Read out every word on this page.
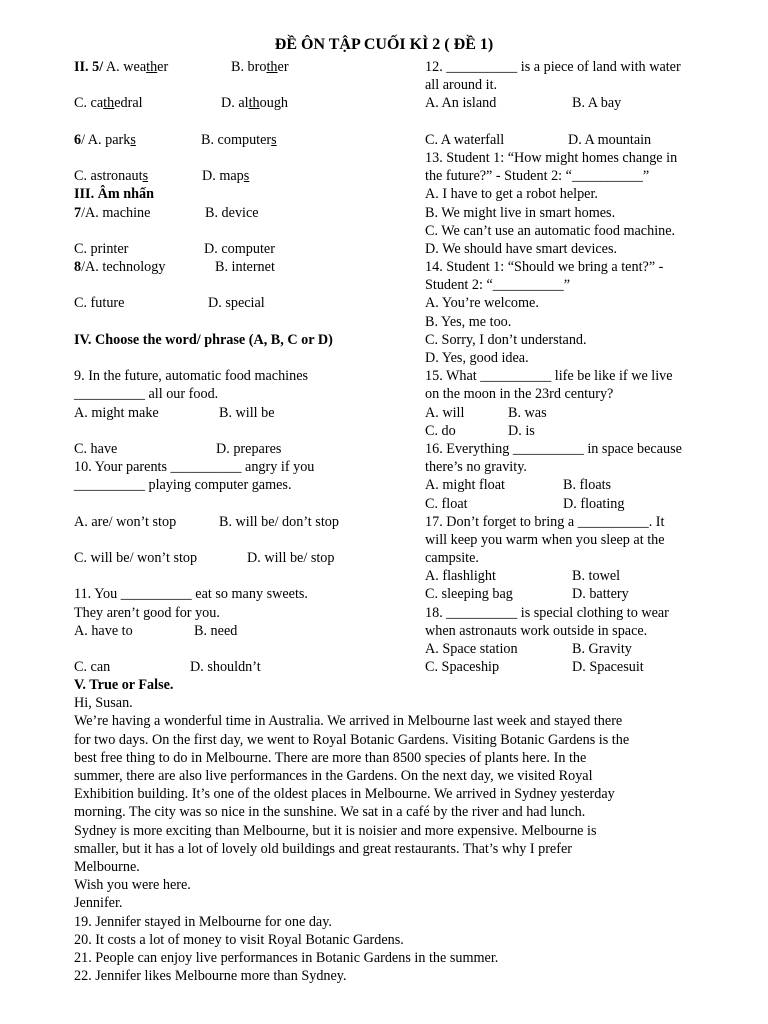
ĐỀ ÔN TẬP CUỐI KÌ 2 ( ĐỀ 1)
II. 5/ A. weather	B. brother
C. cathedral	D. although
6/ A. parks	B. computers
C. astronauts	D. maps
III. Âm nhấn
7/A. machine	B. device
C. printer	D. computer
8/A. technology	B. internet
C. future	D. special
IV. Choose the word/ phrase (A, B, C or D)
9. In the future, automatic food machines
__________ all our food.
A. might make	B. will be
C. have	D. prepares
10. Your parents __________ angry if you
__________ playing computer games.
A. are/ won’t stop	B. will be/ don’t stop
C. will be/ won’t stop	D. will be/ stop
11. You __________ eat so many sweets.
They aren’t good for you.
A. have to	B. need
C. can	D. shouldn’t
12. __________ is a piece of land with water
all around it.
A. An island	B. A bay
C. A waterfall	D. A mountain
13. Student 1: “How might homes change in
the future?” - Student 2: “__________”
A. I have to get a robot helper.
B. We might live in smart homes.
C. We can’t use an automatic food machine.
D. We should have smart devices.
14. Student 1: “Should we bring a tent?” -
Student 2: “__________”
A. You’re welcome.
B. Yes, me too.
C. Sorry, I don’t understand.
D. Yes, good idea.
15. What __________ life be like if we live
on the moon in the 23rd century?
A. will	B. was
C. do	D. is
16. Everything __________ in space because
there’s no gravity.
A. might float	B. floats
C. float	D. floating
17. Don’t forget to bring a __________. It
will keep you warm when you sleep at the
campsite.
A. flashlight	B. towel
C. sleeping bag	D. battery
18. __________ is special clothing to wear
when astronauts work outside in space.
A. Space station	B. Gravity
C. Spaceship	D. Spacesuit

V. True or False.

Hi, Susan.

We’re having a wonderful time in Australia. We arrived in Melbourne last week and stayed there

for two days. On the first day, we went to Royal Botanic Gardens. Visiting Botanic Gardens is the

best free thing to do in Melbourne. There are more than 8500 species of plants here. In the

summer, there are also live performances in the Gardens. On the next day, we visited Royal

Exhibition building. It’s one of the oldest places in Melbourne. We arrived in Sydney yesterday

morning. The city was so nice in the sunshine. We sat in a café by the river and had lunch.

Sydney is more exciting than Melbourne, but it is noisier and more expensive. Melbourne is

smaller, but it has a lot of lovely old buildings and great restaurants. That’s why I prefer

Melbourne.

Wish you were here.

Jennifer.

19. Jennifer stayed in Melbourne for one day.

20. It costs a lot of money to visit Royal Botanic Gardens.

21. People can enjoy live performances in Botanic Gardens in the summer.

22. Jennifer likes Melbourne more than Sydney.
